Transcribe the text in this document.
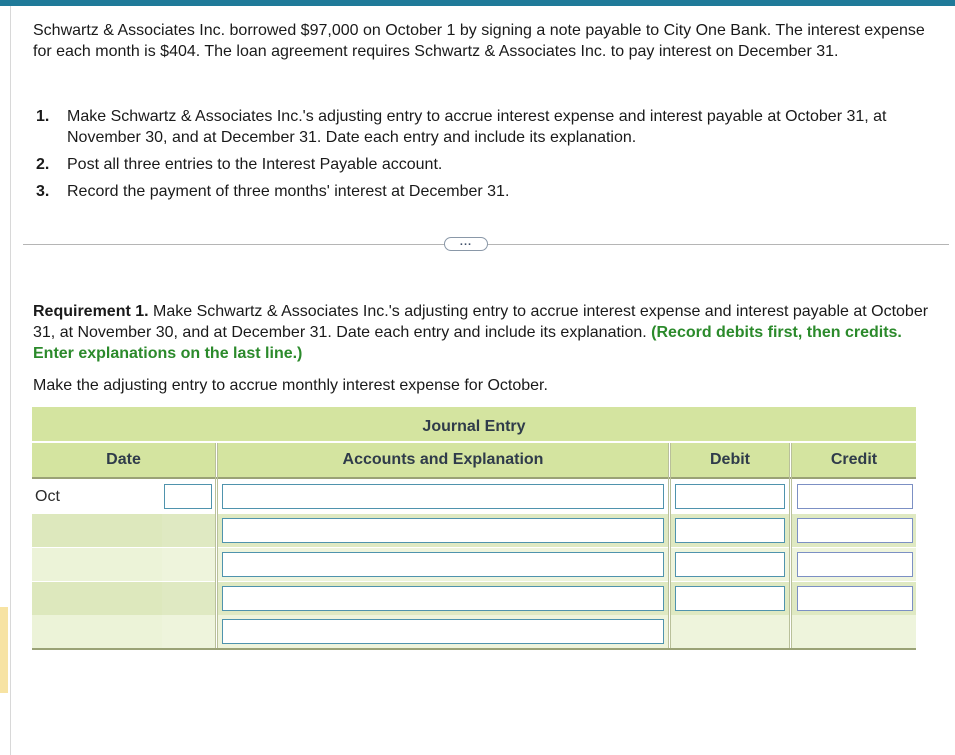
Schwartz & Associates Inc. borrowed $97,000 on October 1 by signing a note payable to City One Bank. The interest expense for each month is $404. The loan agreement requires Schwartz & Associates Inc. to pay interest on December 31.

1. Make Schwartz & Associates Inc.'s adjusting entry to accrue interest expense and interest payable at October 31, at November 30, and at December 31. Date each entry and include its explanation.
2. Post all three entries to the Interest Payable account.
3. Record the payment of three months' interest at December 31.
...

Requirement 1. Make Schwartz & Associates Inc.'s adjusting entry to accrue interest expense and interest payable at October 31, at November 30, and at December 31. Date each entry and include its explanation. (Record debits first, then credits. Enter explanations on the last line.)

Make the adjusting entry to accrue monthly interest expense for October.

Journal Entry
Date	Accounts and Explanation	Debit	Credit
Oct
